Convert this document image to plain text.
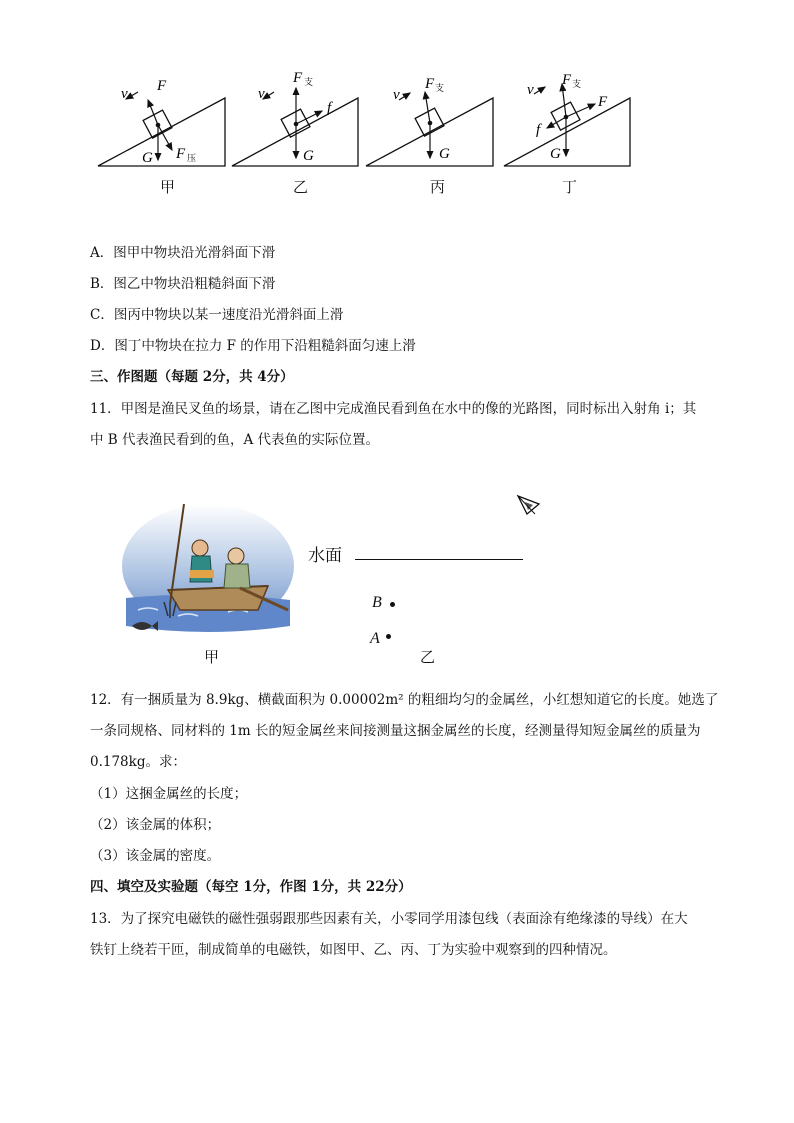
v F
G F 压
v
F 支
f
G
v
F 支
G
v
F 支
F
f
G
甲	乙	丙	丁
A．图甲中物块沿光滑斜面下滑
B．图乙中物块沿粗糙斜面下滑
C．图丙中物块以某一速度沿光滑斜面上滑
D．图丁中物块在拉力 F 的作用下沿粗糙斜面匀速上滑
三、作图题（每题 2分，共 4分）
11．甲图是渔民叉鱼的场景，请在乙图中完成渔民看到鱼在水中的像的光路图，同时标出入射角 i；其
中 B 代表渔民看到的鱼，A 代表鱼的实际位置。
甲
水面
B
A
乙
12．有一捆质量为 8.9kg、横截面积为 0.00002m² 的粗细均匀的金属丝，小红想知道它的长度。她选了
一条同规格、同材料的 1m 长的短金属丝来间接测量这捆金属丝的长度，经测量得知短金属丝的质量为
0.178kg。求：
（1）这捆金属丝的长度；
（2）该金属的体积；
（3）该金属的密度。
四、填空及实验题（每空 1分，作图 1分，共 22分）
13．为了探究电磁铁的磁性强弱跟那些因素有关，小零同学用漆包线（表面涂有绝缘漆的导线）在大
铁钉上绕若干匝，制成简单的电磁铁，如图甲、乙、丙、丁为实验中观察到的四种情况。
